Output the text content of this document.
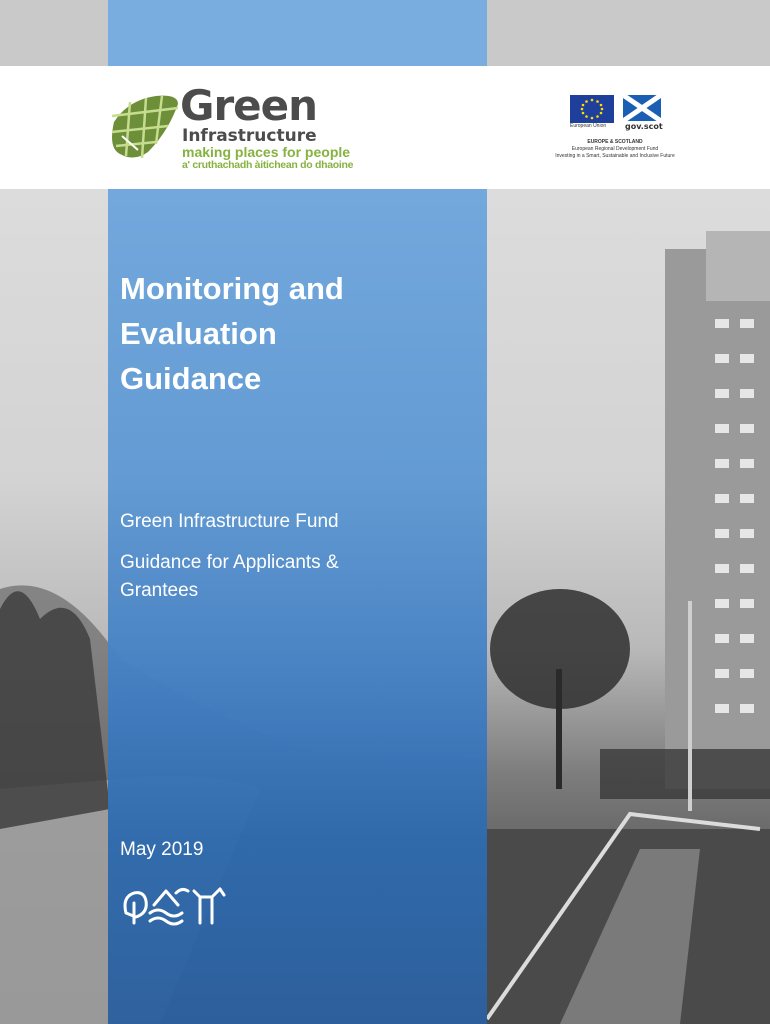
Green
Infrastructure
making places for people
a' cruthachadh àitichean do dhaoine
European Union	gov.scot
EUROPE & SCOTLAND
European Regional Development Fund
Investing in a Smart, Sustainable and Inclusive Future
Monitoring and
Evaluation
Guidance
Green Infrastructure Fund
Guidance for Applicants & Grantees
May 2019
